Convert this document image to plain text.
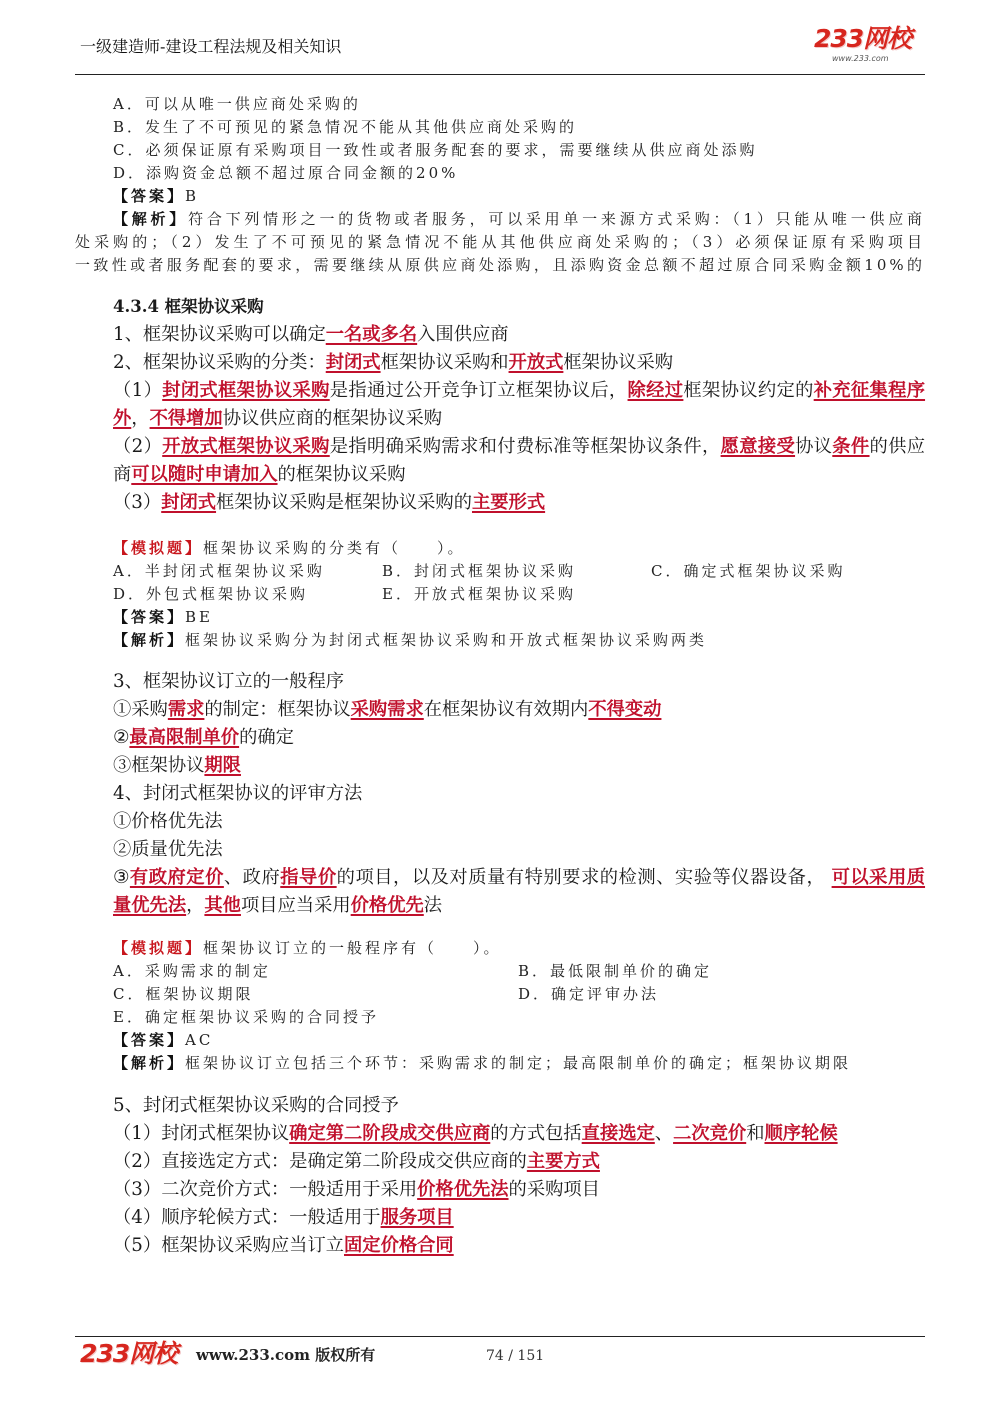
一级建造师-建设工程法规及相关知识	233网校
www.233.com
A．可以从唯一供应商处采购的
B．发生了不可预见的紧急情况不能从其他供应商处采购的
C．必须保证原有采购项目一致性或者服务配套的要求，需要继续从供应商处添购
D．添购资金总额不超过原合同金额的20%
【答案】B
【解析】符合下列情形之一的货物或者服务，可以采用单一来源方式采购：（1）只能从唯一供应商
处采购的；（2）发生了不可预见的紧急情况不能从其他供应商处采购的；（3）必须保证原有采购项目
一致性或者服务配套的要求，需要继续从原供应商处添购，且添购资金总额不超过原合同采购金额10%的
4.3.4 框架协议采购
1、框架协议采购可以确定一名或多名入围供应商
2、框架协议采购的分类：封闭式框架协议采购和开放式框架协议采购
（1）封闭式框架协议采购是指通过公开竞争订立框架协议后，除经过框架协议约定的补充征集程序
外，不得增加协议供应商的框架协议采购
（2）开放式框架协议采购是指明确采购需求和付费标准等框架协议条件，愿意接受协议条件的供应
商可以随时申请加入的框架协议采购
（3）封闭式框架协议采购是框架协议采购的主要形式
【模拟题】框架协议采购的分类有（　　）。
A．半封闭式框架协议采购	B．封闭式框架协议采购	C．确定式框架协议采购
D．外包式框架协议采购	E．开放式框架协议采购
【答案】BE
【解析】框架协议采购分为封闭式框架协议采购和开放式框架协议采购两类
3、框架协议订立的一般程序
①采购需求的制定：框架协议采购需求在框架协议有效期内不得变动
②最高限制单价的确定
③框架协议期限
4、封闭式框架协议的评审方法
①价格优先法
②质量优先法
③有政府定价、政府指导价的项目，以及对质量有特别要求的检测、实验等仪器设备， 可以采用质
量优先法，其他项目应当采用价格优先法
【模拟题】框架协议订立的一般程序有（　　）。
A．采购需求的制定	B．最低限制单价的确定
C．框架协议期限	D．确定评审办法
E．确定框架协议采购的合同授予
【答案】AC
【解析】框架协议订立包括三个环节：采购需求的制定；最高限制单价的确定；框架协议期限
5、封闭式框架协议采购的合同授予
（1）封闭式框架协议确定第二阶段成交供应商的方式包括直接选定、二次竞价和顺序轮候
（2）直接选定方式：是确定第二阶段成交供应商的主要方式
（3）二次竞价方式：一般适用于采用价格优先法的采购项目
（4）顺序轮候方式：一般适用于服务项目
（5）框架协议采购应当订立固定价格合同
233网校 www.233.com 版权所有	74 / 151
